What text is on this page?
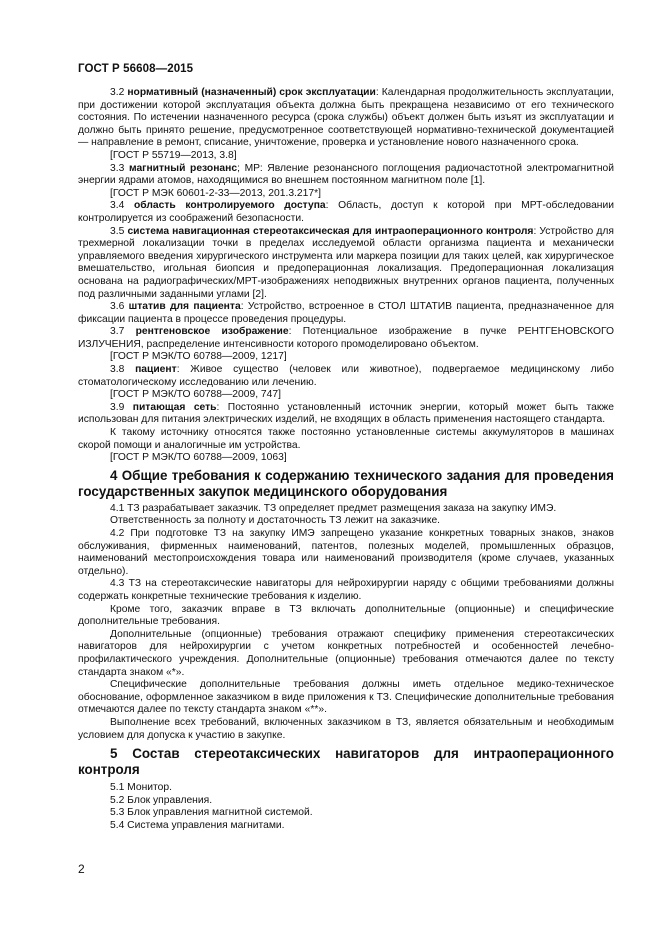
ГОСТ Р 56608—2015

3.2 нормативный (назначенный) срок эксплуатации: Календарная продолжительность эксплуатации, при достижении которой эксплуатация объекта должна быть прекращена независимо от его технического состояния. По истечении назначенного ресурса (срока службы) объект должен быть изъят из эксплуатации и должно быть принято решение, предусмотренное соответствующей нормативно-технической документацией — направление в ремонт, списание, уничтожение, проверка и установление нового назначенного срока.

[ГОСТ Р 55719—2013, 3.8]

3.3 магнитный резонанс; МР: Явление резонансного поглощения радиочастотной электромагнитной энергии ядрами атомов, находящимися во внешнем постоянном магнитном поле [1].

[ГОСТ Р МЭК 60601-2-33—2013, 201.3.217*]

3.4 область контролируемого доступа: Область, доступ к которой при МРТ-обследовании контролируется из соображений безопасности.

3.5 система навигационная стереотаксическая для интраоперационного контроля: Устройство для трехмерной локализации точки в пределах исследуемой области организма пациента и механически управляемого введения хирургического инструмента или маркера позиции для таких целей, как хирургическое вмешательство, игольная биопсия и предоперационная локализация. Предоперационная локализация основана на радиографических/МРТ-изображениях неподвижных внутренних органов пациента, полученных под различными заданными углами [2].

3.6 штатив для пациента: Устройство, встроенное в СТОЛ ШТАТИВ пациента, предназначенное для фиксации пациента в процессе проведения процедуры.

3.7 рентгеновское изображение: Потенциальное изображение в пучке РЕНТГЕНОВСКОГО ИЗЛУЧЕНИЯ, распределение интенсивности которого промоделировано объектом.

[ГОСТ Р МЭК/ТО 60788—2009, 1217]

3.8 пациент: Живое существо (человек или животное), подвергаемое медицинскому либо стоматологическому исследованию или лечению.

[ГОСТ Р МЭК/ТО 60788—2009, 747]

3.9 питающая сеть: Постоянно установленный источник энергии, который может быть также использован для питания электрических изделий, не входящих в область применения настоящего стандарта.

К такому источнику относятся также постоянно установленные системы аккумуляторов в машинах скорой помощи и аналогичные им устройства.

[ГОСТ Р МЭК/ТО 60788—2009, 1063]

4 Общие требования к содержанию технического задания для проведения государственных закупок медицинского оборудования

4.1 ТЗ разрабатывает заказчик. ТЗ определяет предмет размещения заказа на закупку ИМЭ.

Ответственность за полноту и достаточность ТЗ лежит на заказчике.

4.2 При подготовке ТЗ на закупку ИМЭ запрещено указание конкретных товарных знаков, знаков обслуживания, фирменных наименований, патентов, полезных моделей, промышленных образцов, наименований местопроисхождения товара или наименований производителя (кроме случаев, указанных отдельно).

4.3 ТЗ на стереотаксические навигаторы для нейрохирургии наряду с общими требованиями должны содержать конкретные технические требования к изделию.

Кроме того, заказчик вправе в ТЗ включать дополнительные (опционные) и специфические дополнительные требования.

Дополнительные (опционные) требования отражают специфику применения стереотаксических навигаторов для нейрохирургии с учетом конкретных потребностей и особенностей лечебно-профилактического учреждения. Дополнительные (опционные) требования отмечаются далее по тексту стандарта знаком «*».

Специфические дополнительные требования должны иметь отдельное медико-техническое обоснование, оформленное заказчиком в виде приложения к ТЗ. Специфические дополнительные требования отмечаются далее по тексту стандарта знаком «**».

Выполнение всех требований, включенных заказчиком в ТЗ, является обязательным и необходимым условием для допуска к участию в закупке.

5 Состав стереотаксических навигаторов для интраоперационного контроля

5.1 Монитор.

5.2 Блок управления.

5.3 Блок управления магнитной системой.

5.4 Система управления магнитами.

2
